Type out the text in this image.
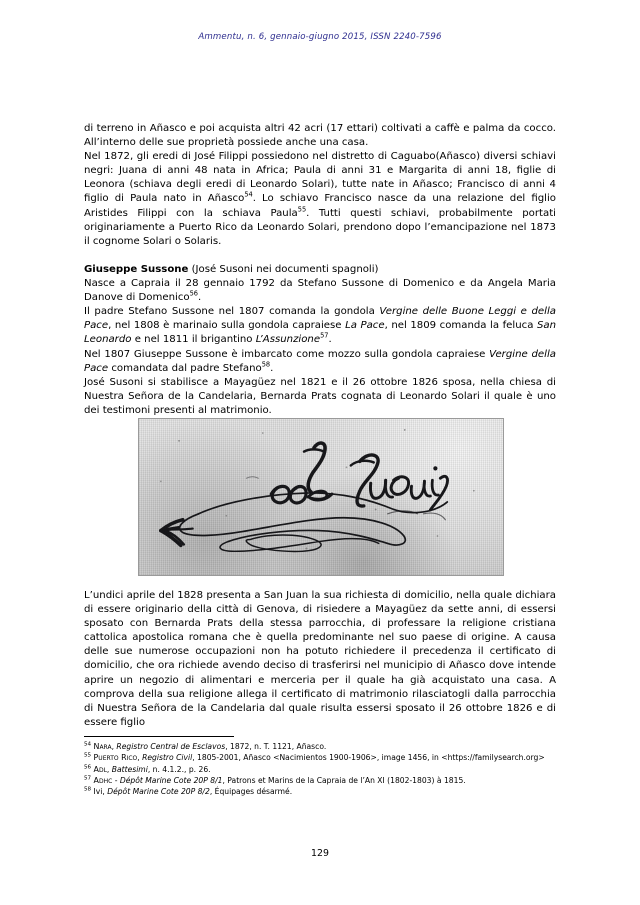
Ammentu, n. 6, gennaio-giugno 2015, ISSN 2240-7596

di terreno in Añasco e poi acquista altri 42 acri (17 ettari) coltivati a caffè e palma da cocco. All’interno delle sue proprietà possiede anche una casa.

Nel 1872, gli eredi di José Filippi possiedono nel distretto di Caguabo(Añasco) diversi schiavi negri: Juana di anni 48 nata in Africa; Paula di anni 31 e Margarita di anni 18, figlie di Leonora (schiava degli eredi di Leonardo Solari), tutte nate in Añasco; Francisco di anni 4 figlio di Paula nato in Añasco$^{54}$. Lo schiavo Francisco nasce da una relazione del figlio Aristides Filippi con la schiava Paula$^{55}$. Tutti questi schiavi, probabilmente portati originariamente a Puerto Rico da Leonardo Solari, prendono dopo l’emancipazione nel 1873 il cognome Solari o Solaris.

Giuseppe Sussone (José Susoni nei documenti spagnoli)

Nasce a Capraia il 28 gennaio 1792 da Stefano Sussone di Domenico e da Angela Maria Danove di Domenico$^{56}$.

Il padre Stefano Sussone nel 1807 comanda la gondola Vergine delle Buone Leggi e della Pace, nel 1808 è marinaio sulla gondola capraiese La Pace, nel 1809 comanda la feluca San Leonardo e nel 1811 il brigantino L’Assunzione$^{57}$.

Nel 1807 Giuseppe Sussone è imbarcato come mozzo sulla gondola capraiese Vergine della Pace comandata dal padre Stefano$^{58}$.

José Susoni si stabilisce a Mayagüez nel 1821 e il 26 ottobre 1826 sposa, nella chiesa di Nuestra Señora de la Candelaria, Bernarda Prats cognata di Leonardo Solari il quale è uno dei testimoni presenti al matrimonio.

L’undici aprile del 1828 presenta a San Juan la sua richiesta di domicilio, nella quale dichiara di essere originario della città di Genova, di risiedere a Mayagüez da sette anni, di essersi sposato con Bernarda Prats della stessa parrocchia, di professare la religione cristiana cattolica apostolica romana che è quella predominante nel suo paese di origine. A causa delle sue numerose occupazioni non ha potuto richiedere il precedenza il certificato di domicilio, che ora richiede avendo deciso di trasferirsi nel municipio di Añasco dove intende aprire un negozio di alimentari e merceria per il quale ha già acquistato una casa. A comprova della sua religione allega il certificato di matrimonio rilasciatogli dalla parrocchia di Nuestra Señora de la Candelaria dal quale risulta essersi sposato il 26 ottobre 1826 e di essere figlio

$^{54}$ Nara, Registro Central de Esclavos, 1872, n. T. 1121, Añasco.

$^{55}$ Puerto Rico, Registro Civil, 1805-2001, Añasco <Nacimientos 1900-1906>, image 1456, in <https://familysearch.org>

$^{56}$ Adl, Battesimi, n. 4.1.2., p. 26.

$^{57}$ Adhc - Dépôt Marine Cote 20P 8/1, Patrons et Marins de la Capraia de l’An XI (1802-1803) à 1815.

$^{58}$ Ivi, Dépôt Marine Cote 20P 8/2, Équipages désarmé.

129
